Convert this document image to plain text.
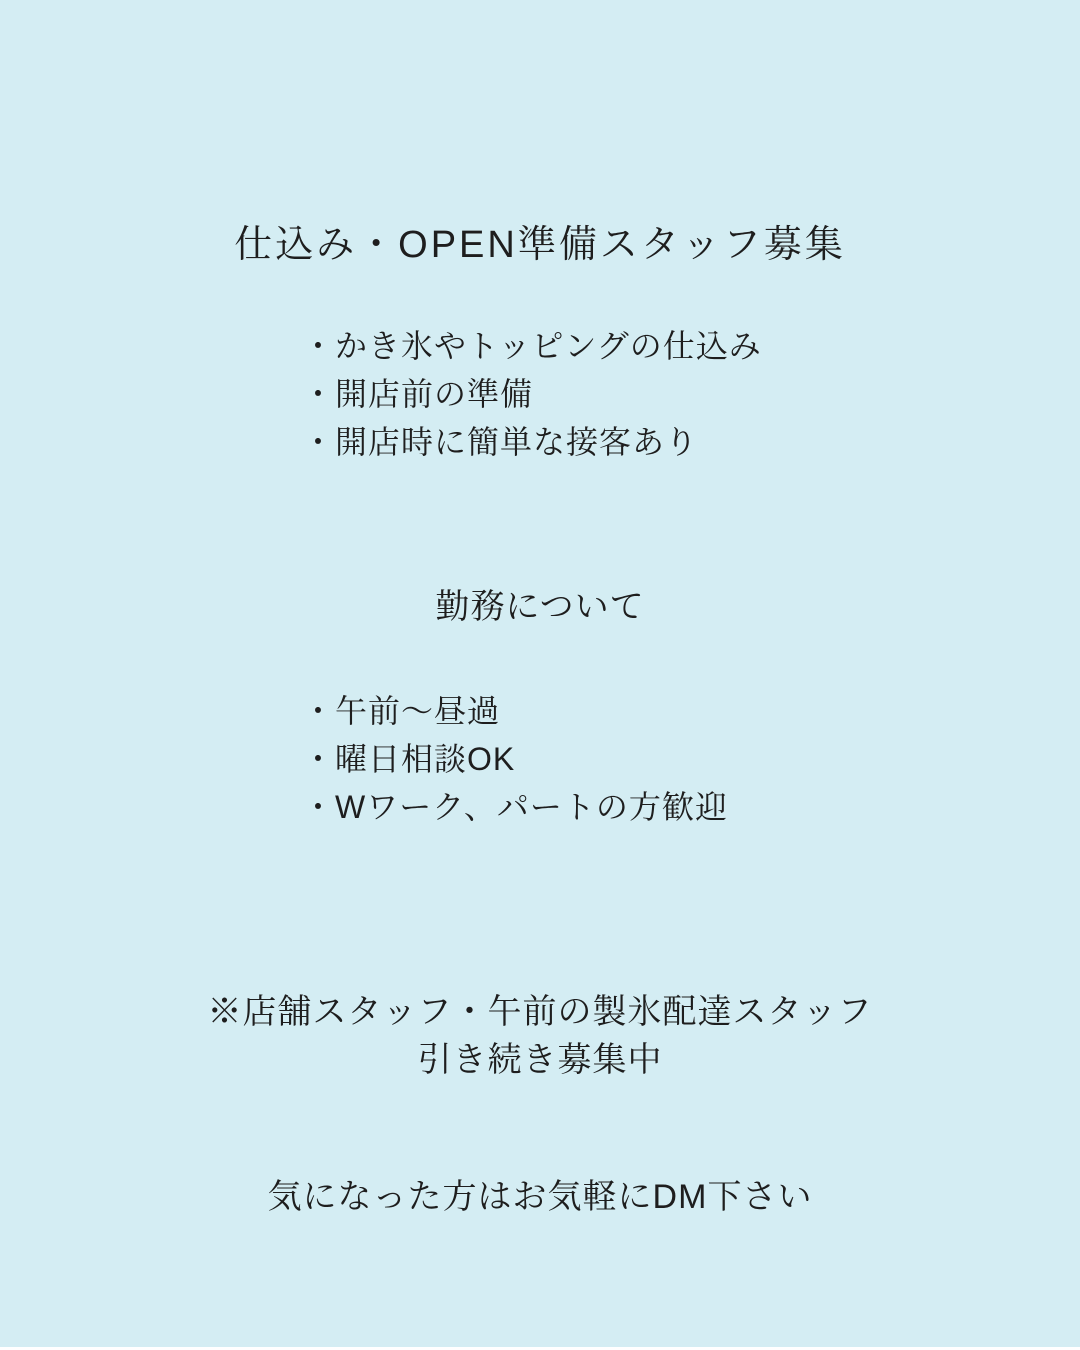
仕込み・OPEN準備スタッフ募集
・かき氷やトッピングの仕込み
・開店前の準備
・開店時に簡単な接客あり
勤務について
・午前〜昼過
・曜日相談OK
・Wワーク、パートの方歓迎
※店舗スタッフ・午前の製氷配達スタッフ
引き続き募集中
気になった方はお気軽にDM下さい
